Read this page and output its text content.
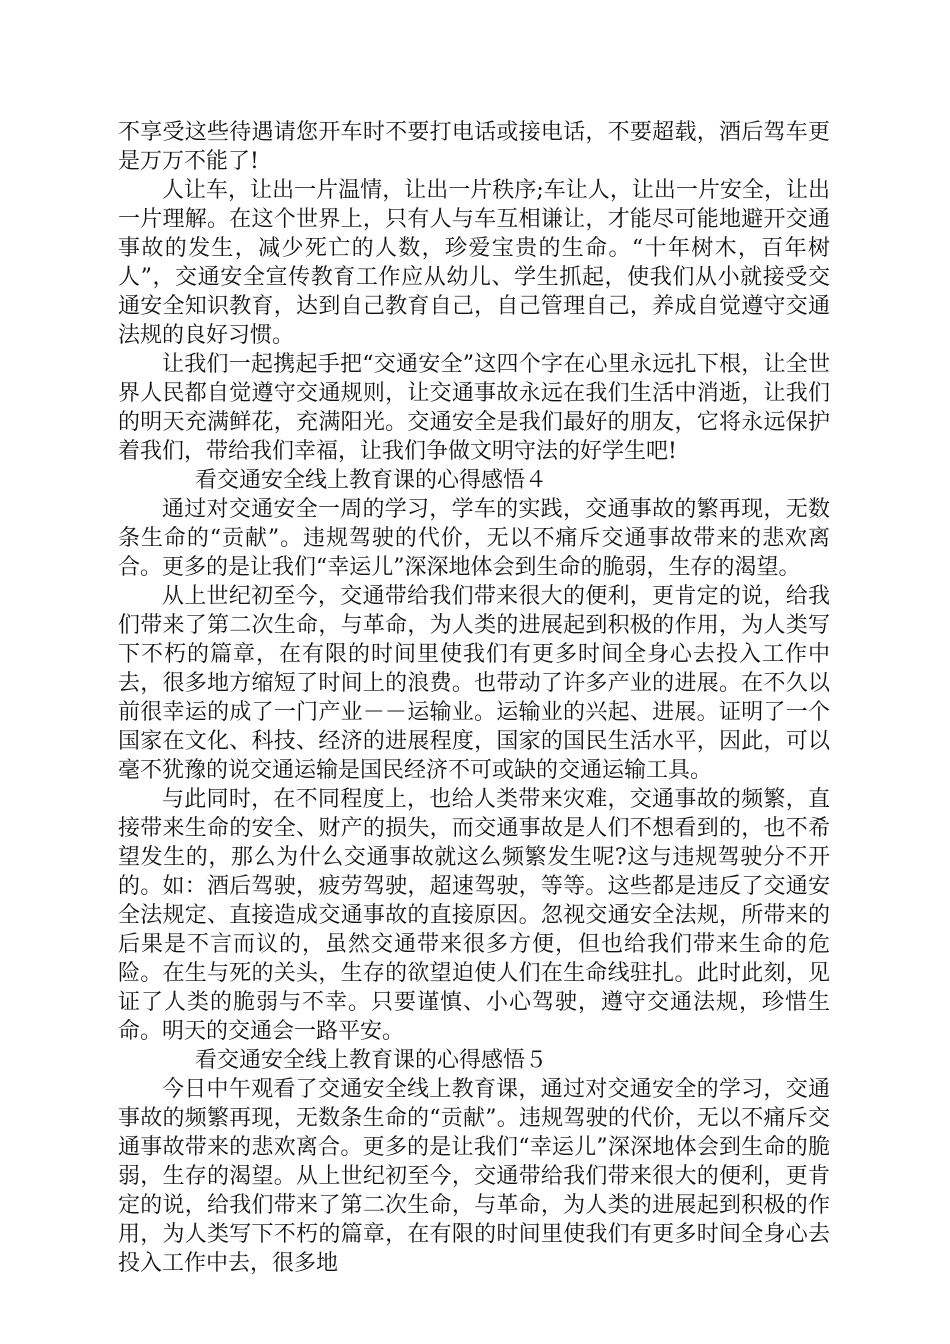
不享受这些待遇请您开车时不要打电话或接电话，不要超载，酒后驾车更是万万不能了!

人让车，让出一片温情，让出一片秩序;车让人，让出一片安全，让出一片理解。在这个世界上，只有人与车互相谦让，才能尽可能地避开交通事故的发生，减少死亡的人数，珍爱宝贵的生命。“十年树木，百年树人”，交通安全宣传教育工作应从幼儿、学生抓起，使我们从小就接受交通安全知识教育，达到自己教育自己，自己管理自己，养成自觉遵守交通法规的良好习惯。

让我们一起携起手把“交通安全”这四个字在心里永远扎下根，让全世界人民都自觉遵守交通规则，让交通事故永远在我们生活中消逝，让我们的明天充满鲜花，充满阳光。交通安全是我们最好的朋友，它将永远保护着我们，带给我们幸福，让我们争做文明守法的好学生吧!

看交通安全线上教育课的心得感悟４

通过对交通安全一周的学习，学车的实践，交通事故的繁再现，无数条生命的“贡献”。违规驾驶的代价，无以不痛斥交通事故带来的悲欢离合。更多的是让我们“幸运儿”深深地体会到生命的脆弱，生存的渴望。

从上世纪初至今，交通带给我们带来很大的便利，更肯定的说，给我们带来了第二次生命，与革命，为人类的进展起到积极的作用，为人类写下不朽的篇章，在有限的时间里使我们有更多时间全身心去投入工作中去，很多地方缩短了时间上的浪费。也带动了许多产业的进展。在不久以前很幸运的成了一门产业－－运输业。运输业的兴起、进展。证明了一个国家在文化、科技、经济的进展程度，国家的国民生活水平，因此，可以毫不犹豫的说交通运输是国民经济不可或缺的交通运输工具。

与此同时，在不同程度上，也给人类带来灾难，交通事故的频繁，直接带来生命的安全、财产的损失，而交通事故是人们不想看到的，也不希望发生的，那么为什么交通事故就这么频繁发生呢?这与违规驾驶分不开的。如：酒后驾驶，疲劳驾驶，超速驾驶，等等。这些都是违反了交通安全法规定、直接造成交通事故的直接原因。忽视交通安全法规，所带来的后果是不言而议的，虽然交通带来很多方便，但也给我们带来生命的危险。在生与死的关头，生存的欲望迫使人们在生命线驻扎。此时此刻，见证了人类的脆弱与不幸。只要谨慎、小心驾驶，遵守交通法规，珍惜生命。明天的交通会一路平安。

看交通安全线上教育课的心得感悟５

今日中午观看了交通安全线上教育课，通过对交通安全的学习，交通事故的频繁再现，无数条生命的“贡献”。违规驾驶的代价，无以不痛斥交通事故带来的悲欢离合。更多的是让我们“幸运儿”深深地体会到生命的脆弱，生存的渴望。从上世纪初至今，交通带给我们带来很大的便利，更肯定的说，给我们带来了第二次生命，与革命，为人类的进展起到积极的作用，为人类写下不朽的篇章，在有限的时间里使我们有更多时间全身心去投入工作中去，很多地
